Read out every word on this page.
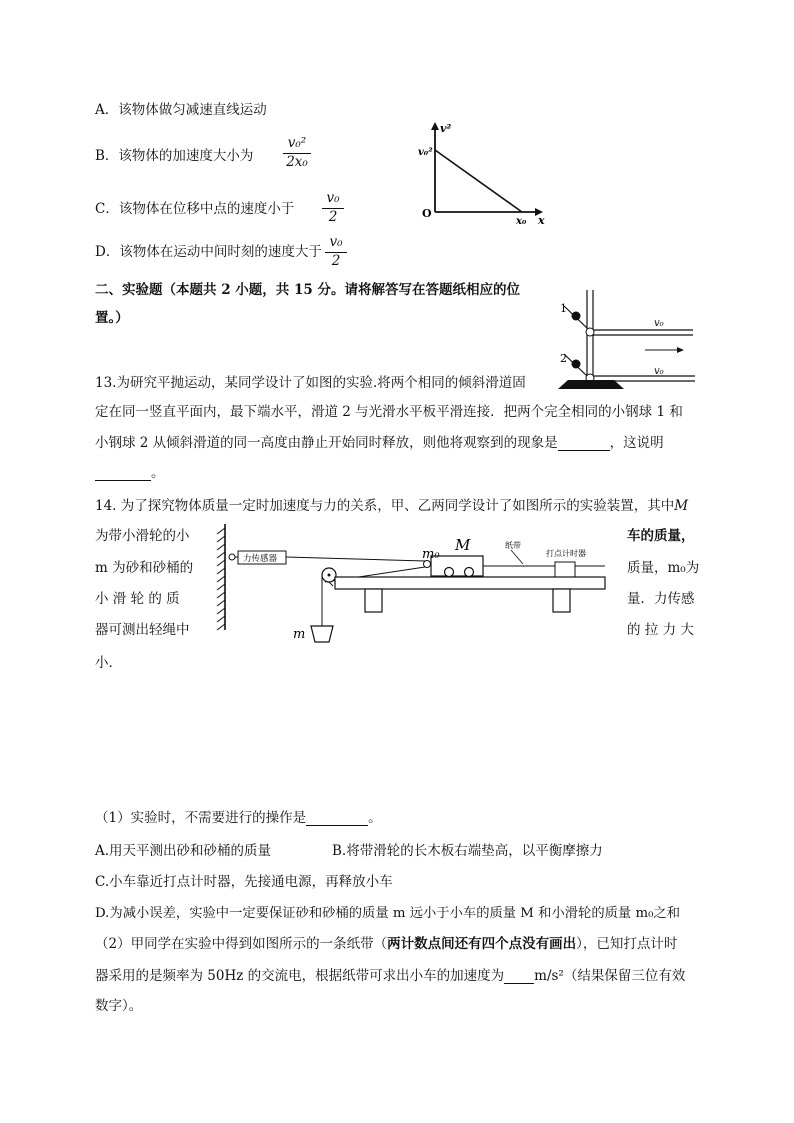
A．该物体做匀减速直线运动
B．该物体的加速度大小为
v₀²
2x₀
C．该物体在位移中点的速度小于
v₀
2
D．该物体在运动中间时刻的速度大于
v₀
2
v²
v₀²
O
x₀ x
二、实验题（本题共 2 小题，共 15 分。请将解答写在答题纸相应的位
置。）
1
2
v₀
v₀
13.为研究平抛运动，某同学设计了如图的实验.将两个相同的倾斜滑道固
定在同一竖直平面内，最下端水平，滑道 2 与光滑水平板平滑连接．把两个完全相同的小钢球 1 和
小钢球 2 从倾斜滑道的同一高度由静止开始同时释放，则他将观察到的现象是	，这说明
。
14. 为了探究物体质量一定时加速度与力的关系，甲、乙两同学设计了如图所示的实验装置，其中M
为带小滑轮的小
m 为砂和砂桶的
小 滑 轮 的 质
器可测出轻绳中
小．
车的质量，
质量，m₀为
量．力传感
的 拉 力 大
力传感器
m
m₀
M	纸带
打点计时器
（1）实验时，不需要进行的操作是	。
A.用天平测出砂和砂桶的质量	B.将带滑轮的长木板右端垫高，以平衡摩擦力
C.小车靠近打点计时器，先接通电源，再释放小车
D.为减小误差，实验中一定要保证砂和砂桶的质量 m 远小于小车的质量 M 和小滑轮的质量 m₀之和
（2）甲同学在实验中得到如图所示的一条纸带（两计数点间还有四个点没有画出），已知打点计时
器采用的是频率为 50Hz 的交流电，根据纸带可求出小车的加速度为 m/s²（结果保留三位有效
数字）。
